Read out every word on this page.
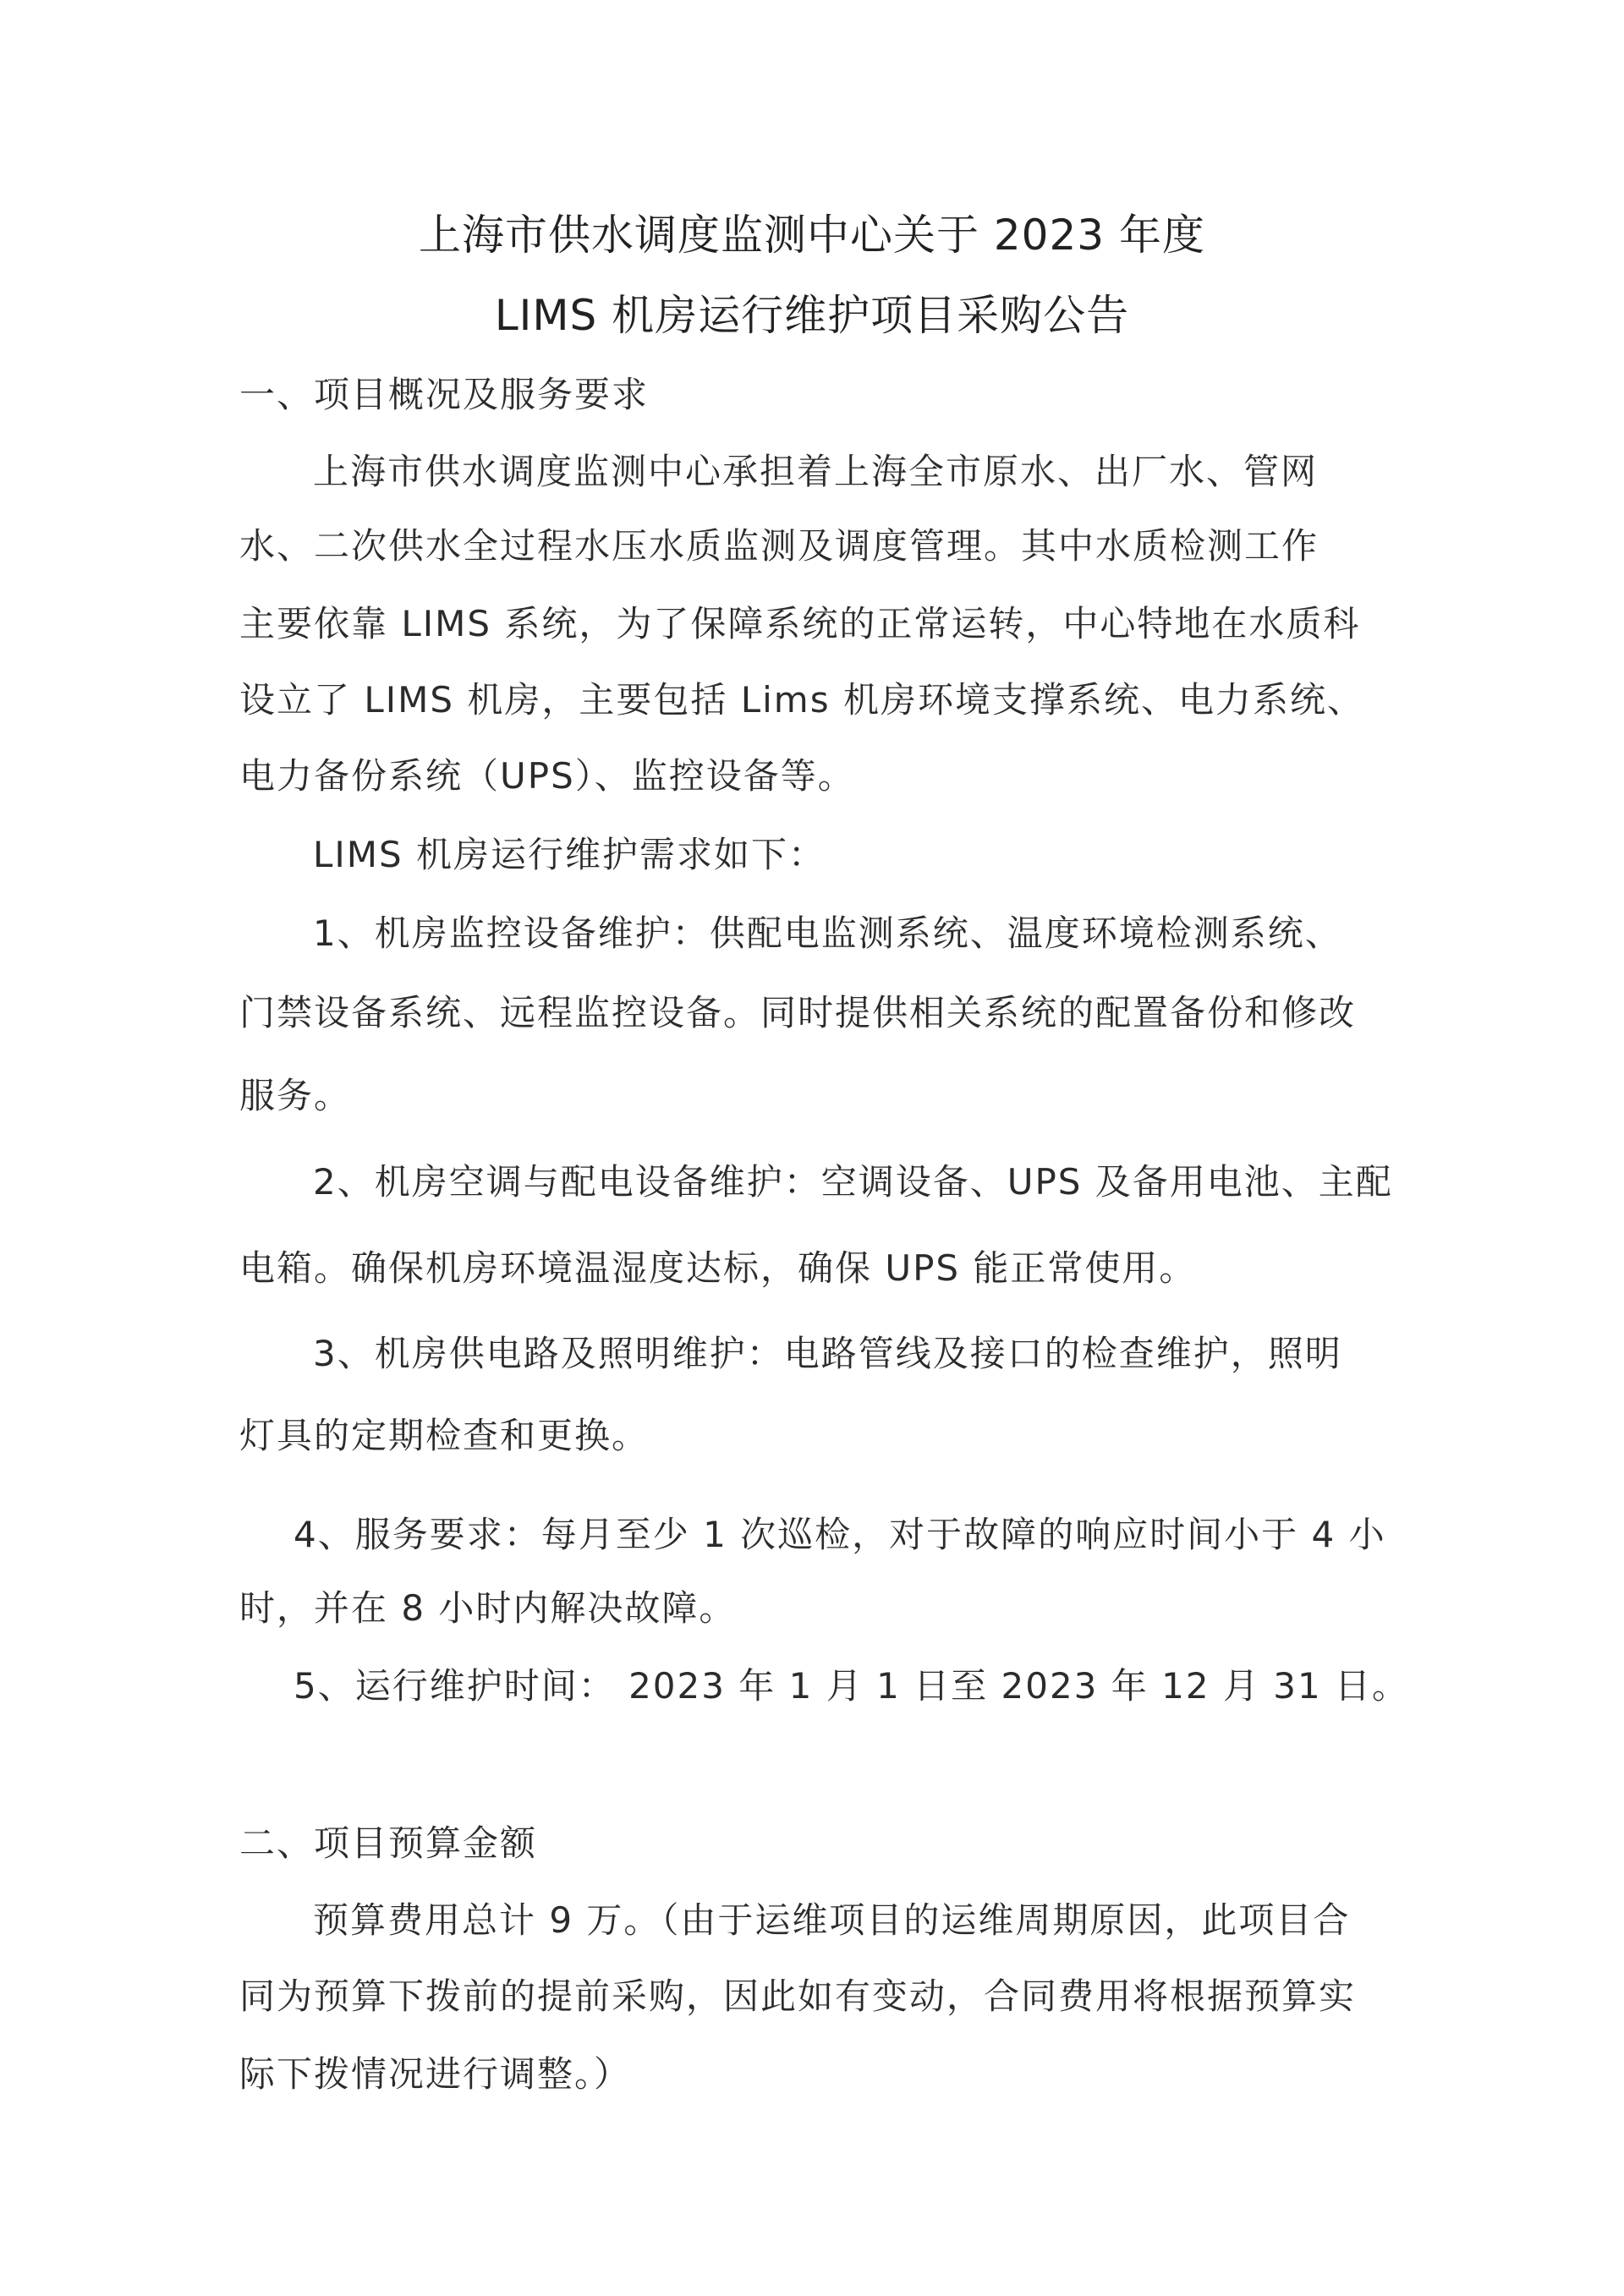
上海市供水调度监测中心关于 2023 年度
LIMS 机房运行维护项目采购公告
一、项目概况及服务要求
上海市供水调度监测中心承担着上海全市原水、出厂水、管网
水、二次供水全过程水压水质监测及调度管理。其中水质检测工作
主要依靠 LIMS 系统，为了保障系统的正常运转，中心特地在水质科
设立了 LIMS 机房，主要包括 Lims 机房环境支撑系统、电力系统、
电力备份系统（UPS）、监控设备等。
LIMS 机房运行维护需求如下：
1、机房监控设备维护：供配电监测系统、温度环境检测系统、
门禁设备系统、远程监控设备。同时提供相关系统的配置备份和修改
服务。
2、机房空调与配电设备维护：空调设备、UPS 及备用电池、主配
电箱。确保机房环境温湿度达标，确保 UPS 能正常使用。
3、机房供电路及照明维护：电路管线及接口的检查维护，照明
灯具的定期检查和更换。
4、服务要求：每月至少 1 次巡检，对于故障的响应时间小于 4 小
时，并在 8 小时内解决故障。
5、运行维护时间： 2023 年 1 月 1 日至 2023 年 12 月 31 日。
二、项目预算金额
预算费用总计 9 万。（由于运维项目的运维周期原因，此项目合
同为预算下拨前的提前采购，因此如有变动，合同费用将根据预算实
际下拨情况进行调整。）
